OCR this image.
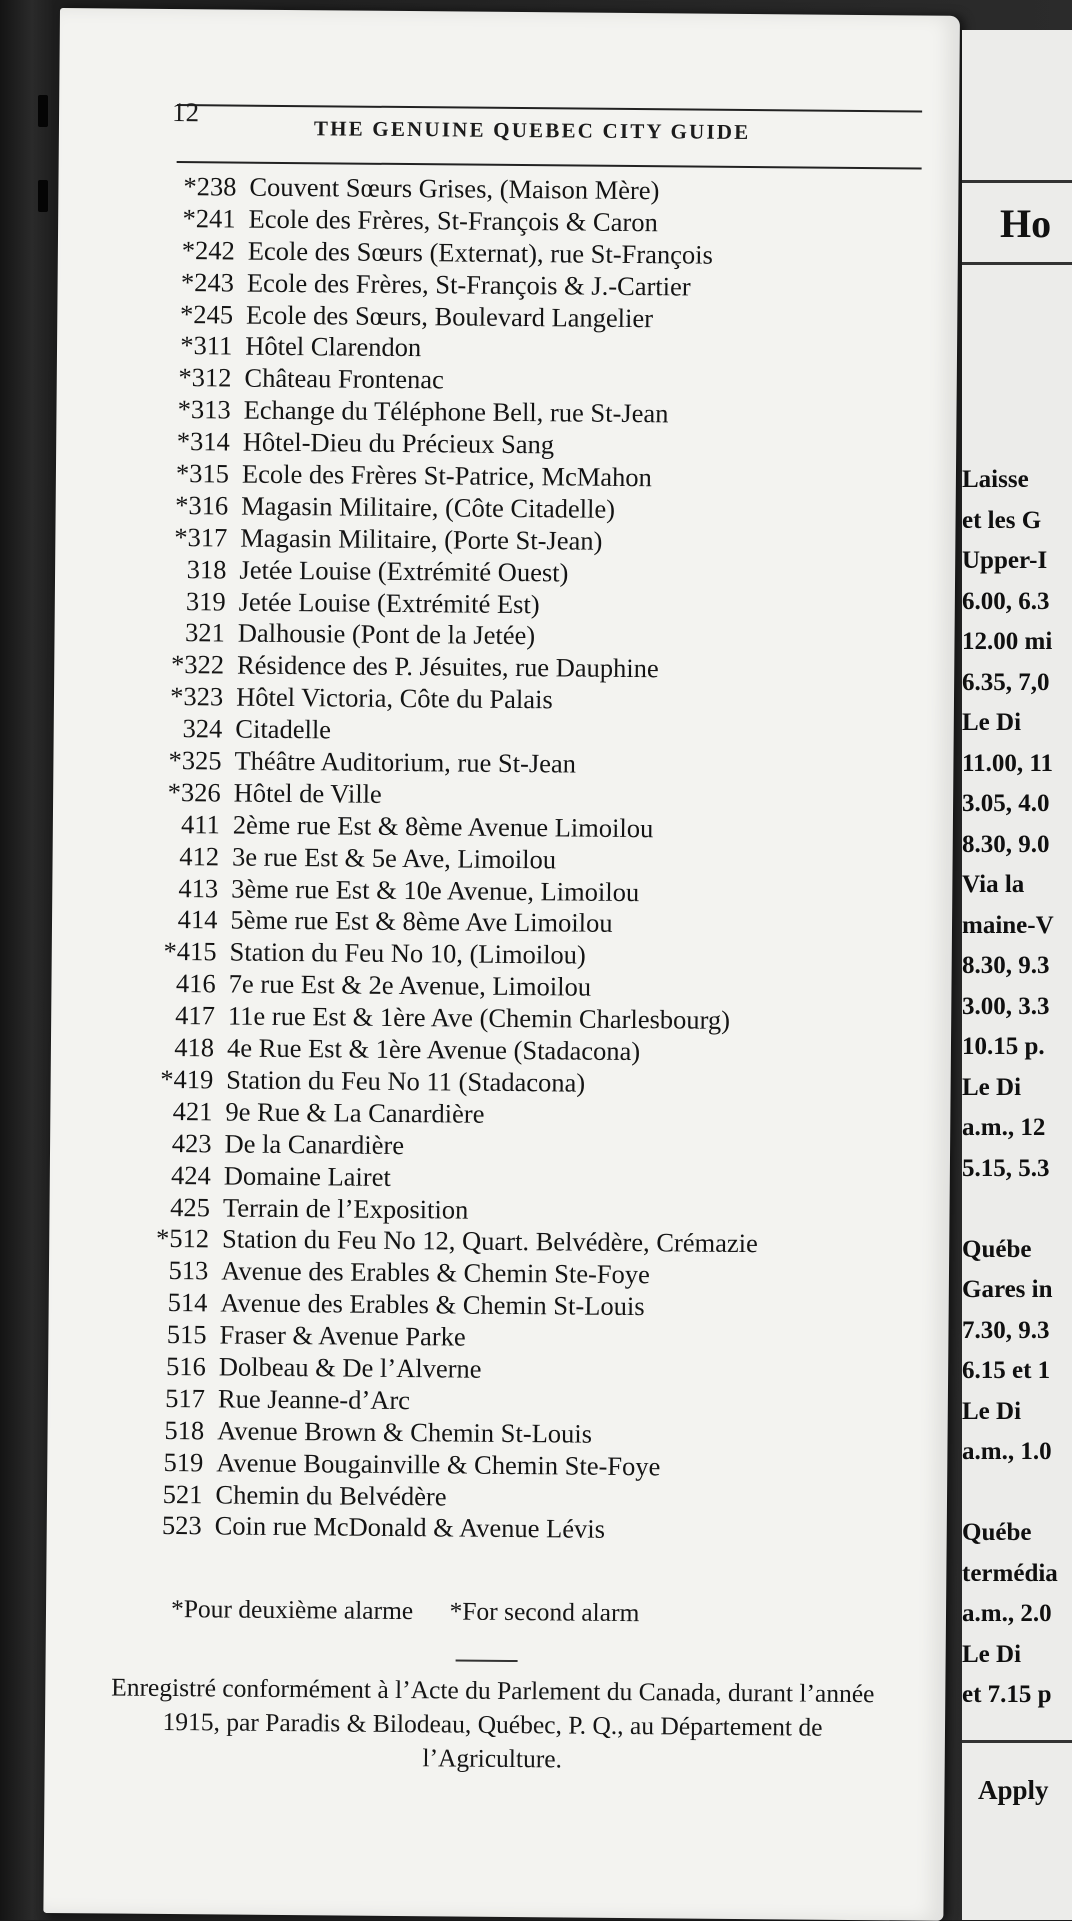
12
THE GENUINE QUEBEC CITY GUIDE
*238 Couvent Sœurs Grises, (Maison Mère)
*241 Ecole des Frères, St-François & Caron
*242 Ecole des Sœurs (Externat), rue St-François
*243 Ecole des Frères, St-François & J.-Cartier
*245 Ecole des Sœurs, Boulevard Langelier
*311 Hôtel Clarendon
*312 Château Frontenac
*313 Echange du Téléphone Bell, rue St-Jean
*314 Hôtel-Dieu du Précieux Sang
*315 Ecole des Frères St-Patrice, McMahon
*316 Magasin Militaire, (Côte Citadelle)
*317 Magasin Militaire, (Porte St-Jean)
318 Jetée Louise (Extrémité Ouest)
319 Jetée Louise (Extrémité Est)
321 Dalhousie (Pont de la Jetée)
*322 Résidence des P. Jésuites, rue Dauphine
*323 Hôtel Victoria, Côte du Palais
324 Citadelle
*325 Théâtre Auditorium, rue St-Jean
*326 Hôtel de Ville
411 2ème rue Est & 8ème Avenue Limoilou
412 3e rue Est & 5e Ave, Limoilou
413 3ème rue Est & 10e Avenue, Limoilou
414 5ème rue Est & 8ème Ave Limoilou
*415 Station du Feu No 10, (Limoilou)
416 7e rue Est & 2e Avenue, Limoilou
417 11e rue Est & 1ère Ave (Chemin Charlesbourg)
418 4e Rue Est & 1ère Avenue (Stadacona)
*419 Station du Feu No 11 (Stadacona)
421 9e Rue & La Canardière
423 De la Canardière
424 Domaine Lairet
425 Terrain de l’Exposition
*512 Station du Feu No 12, Quart. Belvédère, Crémazie
513 Avenue des Erables & Chemin Ste-Foye
514 Avenue des Erables & Chemin St-Louis
515 Fraser & Avenue Parke
516 Dolbeau & De l’Alverne
517 Rue Jeanne-d’Arc
518 Avenue Brown & Chemin St-Louis
519 Avenue Bougainville & Chemin Ste-Foye
521 Chemin du Belvédère
523 Coin rue McDonald & Avenue Lévis
*Pour deuxième alarme *For second alarm
Enregistré conformément à l’Acte du Parlement du Canada, durant l’année 1915, par Paradis & Bilodeau, Québec, P. Q., au Département de l’Agriculture.
Ho
Laisse
et les G
Upper-I
6.00, 6.3
12.00 mi
6.35, 7,0
Le Di
11.00, 11
3.05, 4.0
8.30, 9.0
Via la
maine-V
8.30, 9.3
3.00, 3.3
10.15 p.
Le Di
a.m., 12
5.15, 5.3
Québe
Gares in
7.30, 9.3
6.15 et 1
Le Di
a.m., 1.0
Québe
termédia
a.m., 2.0
Le Di
et 7.15 p
Apply
